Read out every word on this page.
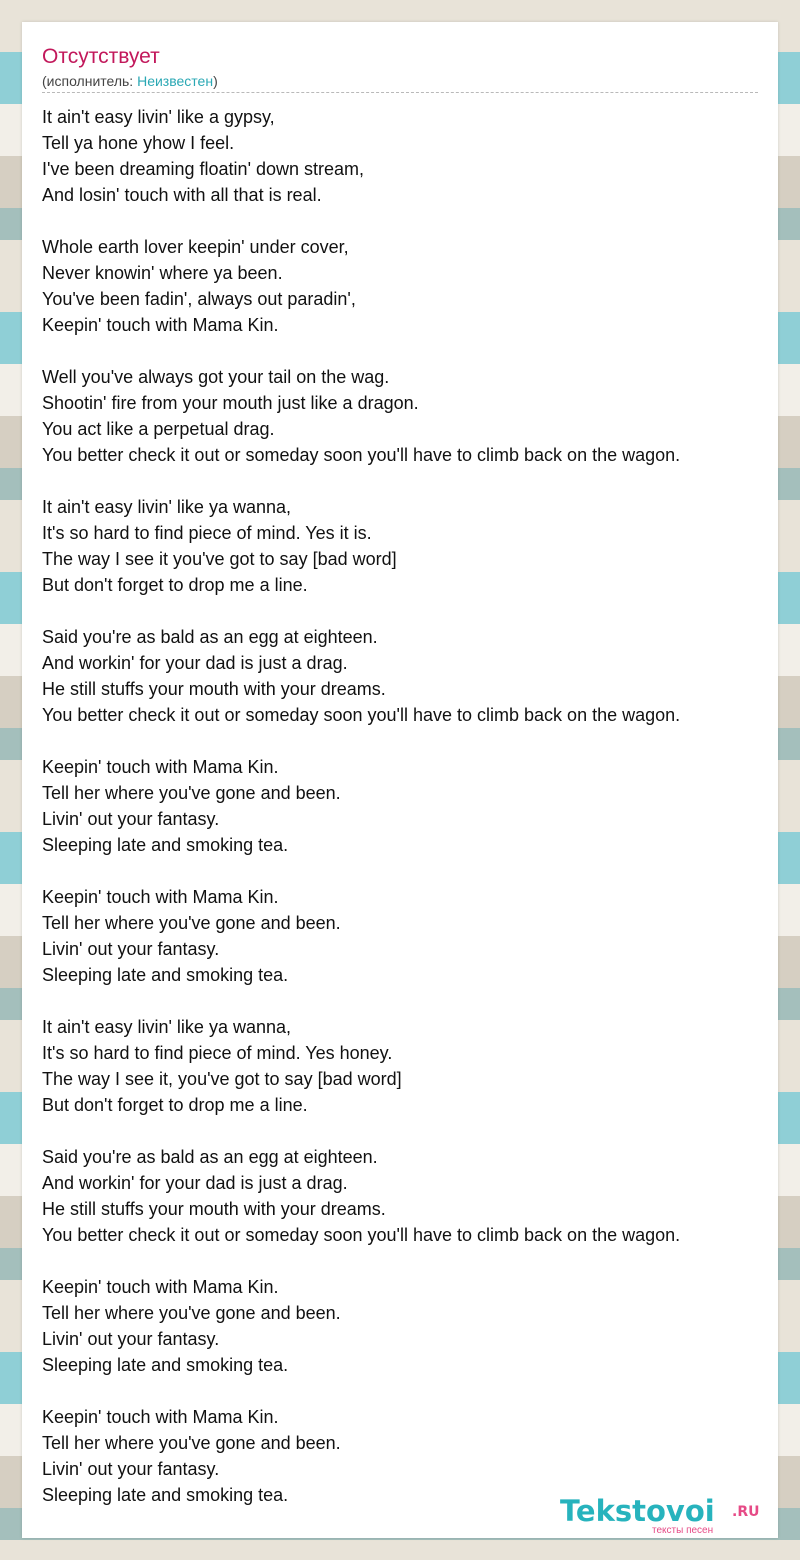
Отсутствует
(исполнитель: Неизвестен)
It ain't easy livin' like a gypsy,
Tell ya hone yhow I feel.
I've been dreaming floatin' down stream,
And losin' touch with all that is real.
Whole earth lover keepin' under cover,
Never knowin' where ya been.
You've been fadin', always out paradin',
Keepin' touch with Mama Kin.
Well you've always got your tail on the wag.
Shootin' fire from your mouth just like a dragon.
You act like a perpetual drag.
You better check it out or someday soon you'll have to climb back on the wagon.
It ain't easy livin' like ya wanna,
It's so hard to find piece of mind. Yes it is.
The way I see it you've got to say [bad word]
But don't forget to drop me a line.
Said you're as bald as an egg at eighteen.
And workin' for your dad is just a drag.
He still stuffs your mouth with your dreams.
You better check it out or someday soon you'll have to climb back on the wagon.
Keepin' touch with Mama Kin.
Tell her where you've gone and been.
Livin' out your fantasy.
Sleeping late and smoking tea.
Keepin' touch with Mama Kin.
Tell her where you've gone and been.
Livin' out your fantasy.
Sleeping late and smoking tea.
It ain't easy livin' like ya wanna,
It's so hard to find piece of mind. Yes honey.
The way I see it, you've got to say [bad word]
But don't forget to drop me a line.
Said you're as bald as an egg at eighteen.
And workin' for your dad is just a drag.
He still stuffs your mouth with your dreams.
You better check it out or someday soon you'll have to climb back on the wagon.
Keepin' touch with Mama Kin.
Tell her where you've gone and been.
Livin' out your fantasy.
Sleeping late and smoking tea.
Keepin' touch with Mama Kin.
Tell her where you've gone and been.
Livin' out your fantasy.
Sleeping late and smoking tea.	Tekstovoi .RU
тексты песен
